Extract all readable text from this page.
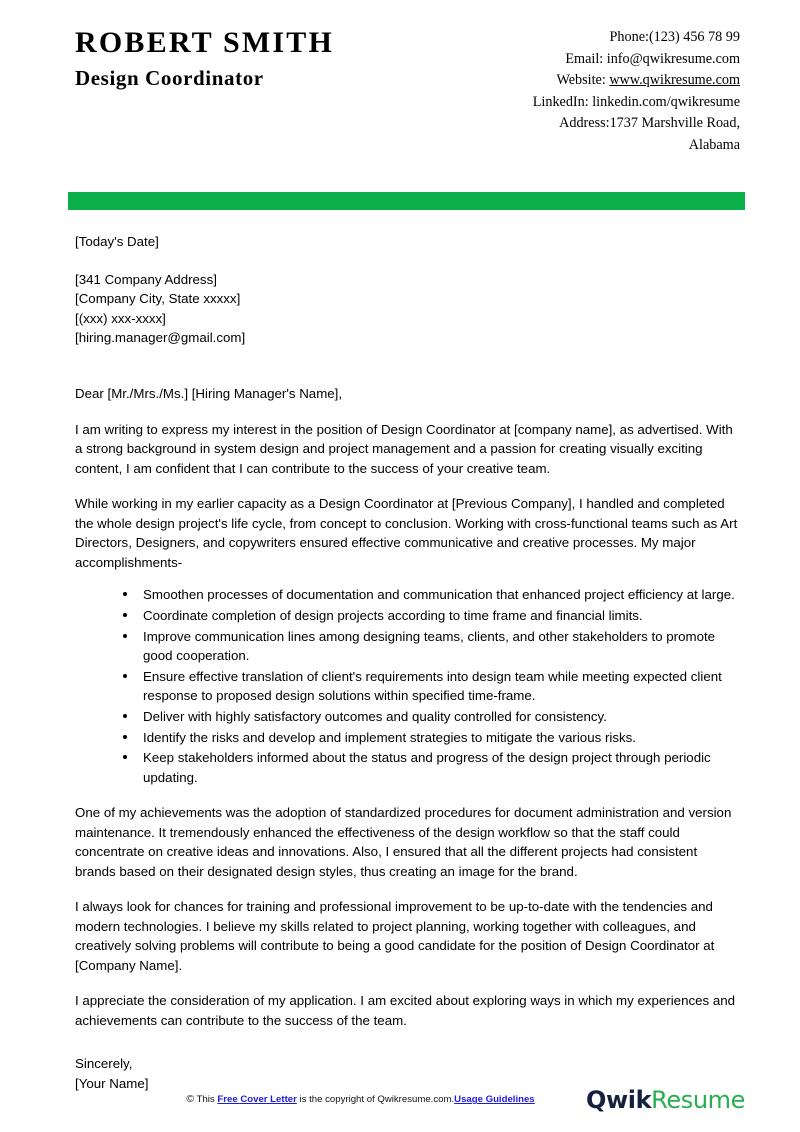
ROBERT SMITH
Design Coordinator
Phone:(123) 456 78 99
Email: info@qwikresume.com
Website: www.qwikresume.com
LinkedIn: linkedin.com/qwikresume
Address:1737 Marshville Road,
Alabama
[Today's Date]
[341 Company Address]
[Company City, State xxxxx]
[(xxx) xxx-xxxx]
[hiring.manager@gmail.com]
Dear [Mr./Mrs./Ms.] [Hiring Manager's Name],
I am writing to express my interest in the position of Design Coordinator at [company name], as advertised. With a strong background in system design and project management and a passion for creating visually exciting content, I am confident that I can contribute to the success of your creative team.
While working in my earlier capacity as a Design Coordinator at [Previous Company], I handled and completed the whole design project's life cycle, from concept to conclusion. Working with cross-functional teams such as Art Directors, Designers, and copywriters ensured effective communicative and creative processes. My major accomplishments-
Smoothen processes of documentation and communication that enhanced project efficiency at large.
Coordinate completion of design projects according to time frame and financial limits.
Improve communication lines among designing teams, clients, and other stakeholders to promote good cooperation.
Ensure effective translation of client's requirements into design team while meeting expected client response to proposed design solutions within specified time-frame.
Deliver with highly satisfactory outcomes and quality controlled for consistency.
Identify the risks and develop and implement strategies to mitigate the various risks.
Keep stakeholders informed about the status and progress of the design project through periodic updating.
One of my achievements was the adoption of standardized procedures for document administration and version maintenance. It tremendously enhanced the effectiveness of the design workflow so that the staff could concentrate on creative ideas and innovations. Also, I ensured that all the different projects had consistent brands based on their designated design styles, thus creating an image for the brand.
I always look for chances for training and professional improvement to be up-to-date with the tendencies and modern technologies. I believe my skills related to project planning, working together with colleagues, and creatively solving problems will contribute to being a good candidate for the position of Design Coordinator at [Company Name].
I appreciate the consideration of my application. I am excited about exploring ways in which my experiences and achievements can contribute to the success of the team.
Sincerely,
[Your Name]
© This Free Cover Letter is the copyright of Qwikresume.com.Usage Guidelines QwikResume
